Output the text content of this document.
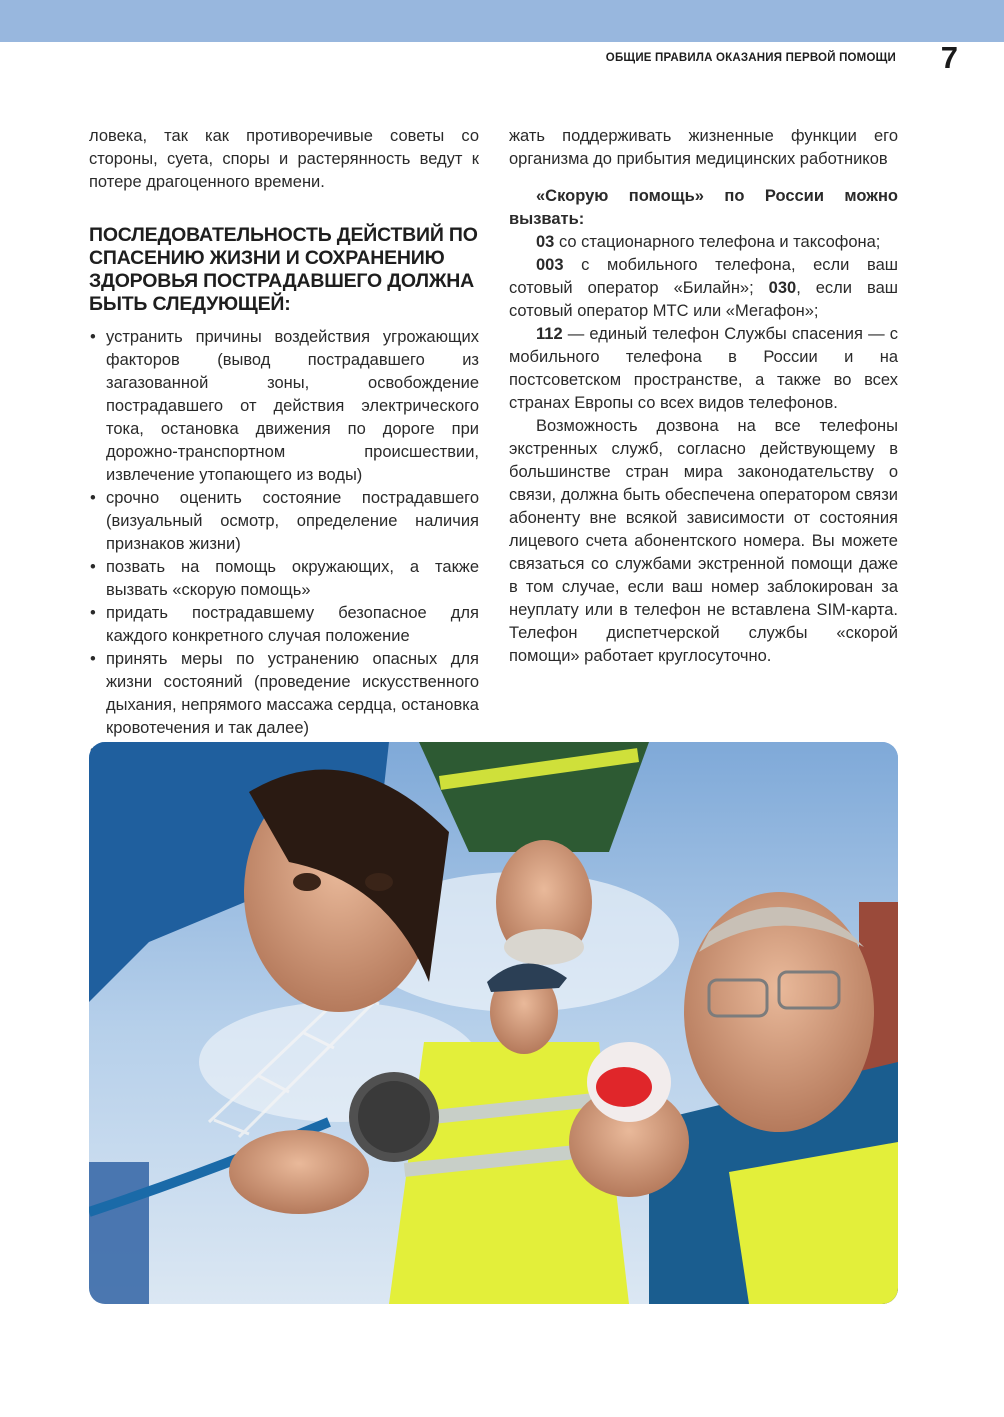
ОБЩИЕ ПРАВИЛА ОКАЗАНИЯ ПЕРВОЙ ПОМОЩИ 7

ловека, так как противоречивые советы со стороны, суета, споры и растерянность ведут к потере драгоценного времени.

ПОСЛЕДОВАТЕЛЬНОСТЬ ДЕЙСТВИЙ ПО СПАСЕНИЮ ЖИЗНИ И СОХРАНЕНИЮ ЗДОРОВЬЯ ПОСТРАДАВШЕГО ДОЛЖНА БЫТЬ СЛЕДУЮЩЕЙ:

• устранить причины воздействия угрожающих факторов (вывод пострадавшего из загазованной зоны, освобождение пострадавшего от действия электрического тока, остановка движения по дороге при дорожно-транспортном происшествии, извлечение утопающего из воды)
• срочно оценить состояние пострадавшего (визуальный осмотр, определение наличия признаков жизни)
• позвать на помощь окружающих, а также вызвать «скорую помощь»
• придать пострадавшему безопасное для каждого конкретного случая положение
• принять меры по устранению опасных для жизни состояний (проведение искусственного дыхания, непрямого массажа сердца, остановка кровотечения и так далее)
•

жать поддерживать жизненные функции его организма до прибытия медицинских работников

«Скорую помощь» по России можно вызвать:

03 со стационарного телефона и таксофона;

003 с мобильного телефона, если ваш сотовый оператор «Билайн»; 030, если ваш сотовый оператор МТС или «Мегафон»;

112 — единый телефон Службы спасения — с мобильного телефона в России и на постсоветском пространстве, а также во всех странах Европы со всех видов телефонов.

Возможность дозвона на все телефоны экстренных служб, согласно действующему в большинстве стран мира законодательству о связи, должна быть обеспечена оператором связи абоненту вне всякой зависимости от состояния лицевого счета абонентского номера. Вы можете связаться со службами экстренной помощи даже в том случае, если ваш номер заблокирован за неуплату или в телефон не вставлена SIM-карта. Телефон диспетчерской службы «скорой помощи» работает круглосуточно.
